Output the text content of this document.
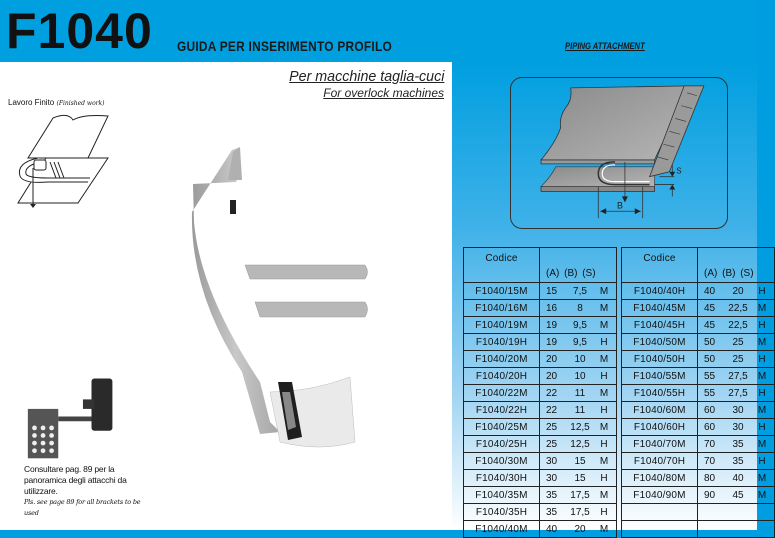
F1040 GUIDA PER INSERIMENTO PROFILO	PIPING ATTACHMENT
Per macchine taglia-cuci
For overlock machines
Lavoro Finito (Finished work)
Consultare pag. 89 per la panoramica degli attacchi da utilizzare.
Pls. see page 89 for all brackets to be used
B
S
Codice	(A) (B) (S)

F1040/15M	15 7,5 M

F1040/16M	16 8 M

F1040/19M	19 9,5 M

F1040/19H	19 9,5 H

F1040/20M	20 10 M

F1040/20H	20 10 H

F1040/22M	22 11 M

F1040/22H	22 11 H

F1040/25M	25 12,5 M

F1040/25H	25 12,5 H

F1040/30M	30 15 M

F1040/30H	30 15 H

F1040/35M	35 17,5 M

F1040/35H	35 17,5 H

F1040/40M	40 20 M
Codice	(A) (B) (S)

F1040/40H	40 20 H

F1040/45M	45 22,5 M

F1040/45H	45 22,5 H

F1040/50M	50 25 M

F1040/50H	50 25 H

F1040/55M	55 27,5 M

F1040/55H	55 27,5 H

F1040/60M	60 30 M

F1040/60H	60 30 H

F1040/70M	70 35 M

F1040/70H	70 35 H

F1040/80M	80 40 M

F1040/90M	90 45 M
